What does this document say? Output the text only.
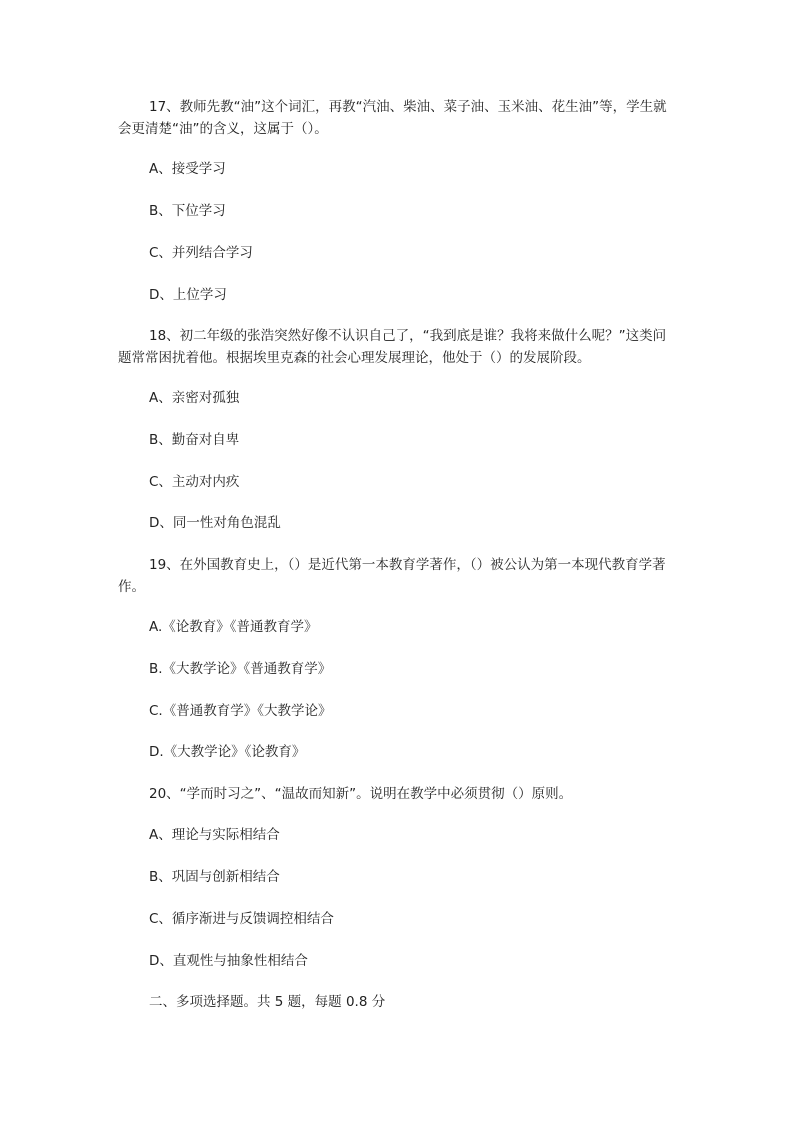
17、教师先教“油”这个词汇，再教“汽油、柴油、菜子油、玉米油、花生油”等，学生就会更清楚“油”的含义，这属于（）。

A、接受学习

B、下位学习

C、并列结合学习

D、上位学习

18、初二年级的张浩突然好像不认识自己了，“我到底是谁？我将来做什么呢？”这类问题常常困扰着他。根据埃里克森的社会心理发展理论，他处于（）的发展阶段。

A、亲密对孤独

B、勤奋对自卑

C、主动对内疚

D、同一性对角色混乱

19、在外国教育史上，（）是近代第一本教育学著作，（）被公认为第一本现代教育学著作。

A.《论教育》《普通教育学》

B.《大教学论》《普通教育学》

C.《普通教育学》《大教学论》

D.《大教学论》《论教育》

20、“学而时习之”、“温故而知新”。说明在教学中必须贯彻（）原则。

A、理论与实际相结合

B、巩固与创新相结合

C、循序渐进与反馈调控相结合

D、直观性与抽象性相结合

二、多项选择题。共 5 题，每题 0.8 分
